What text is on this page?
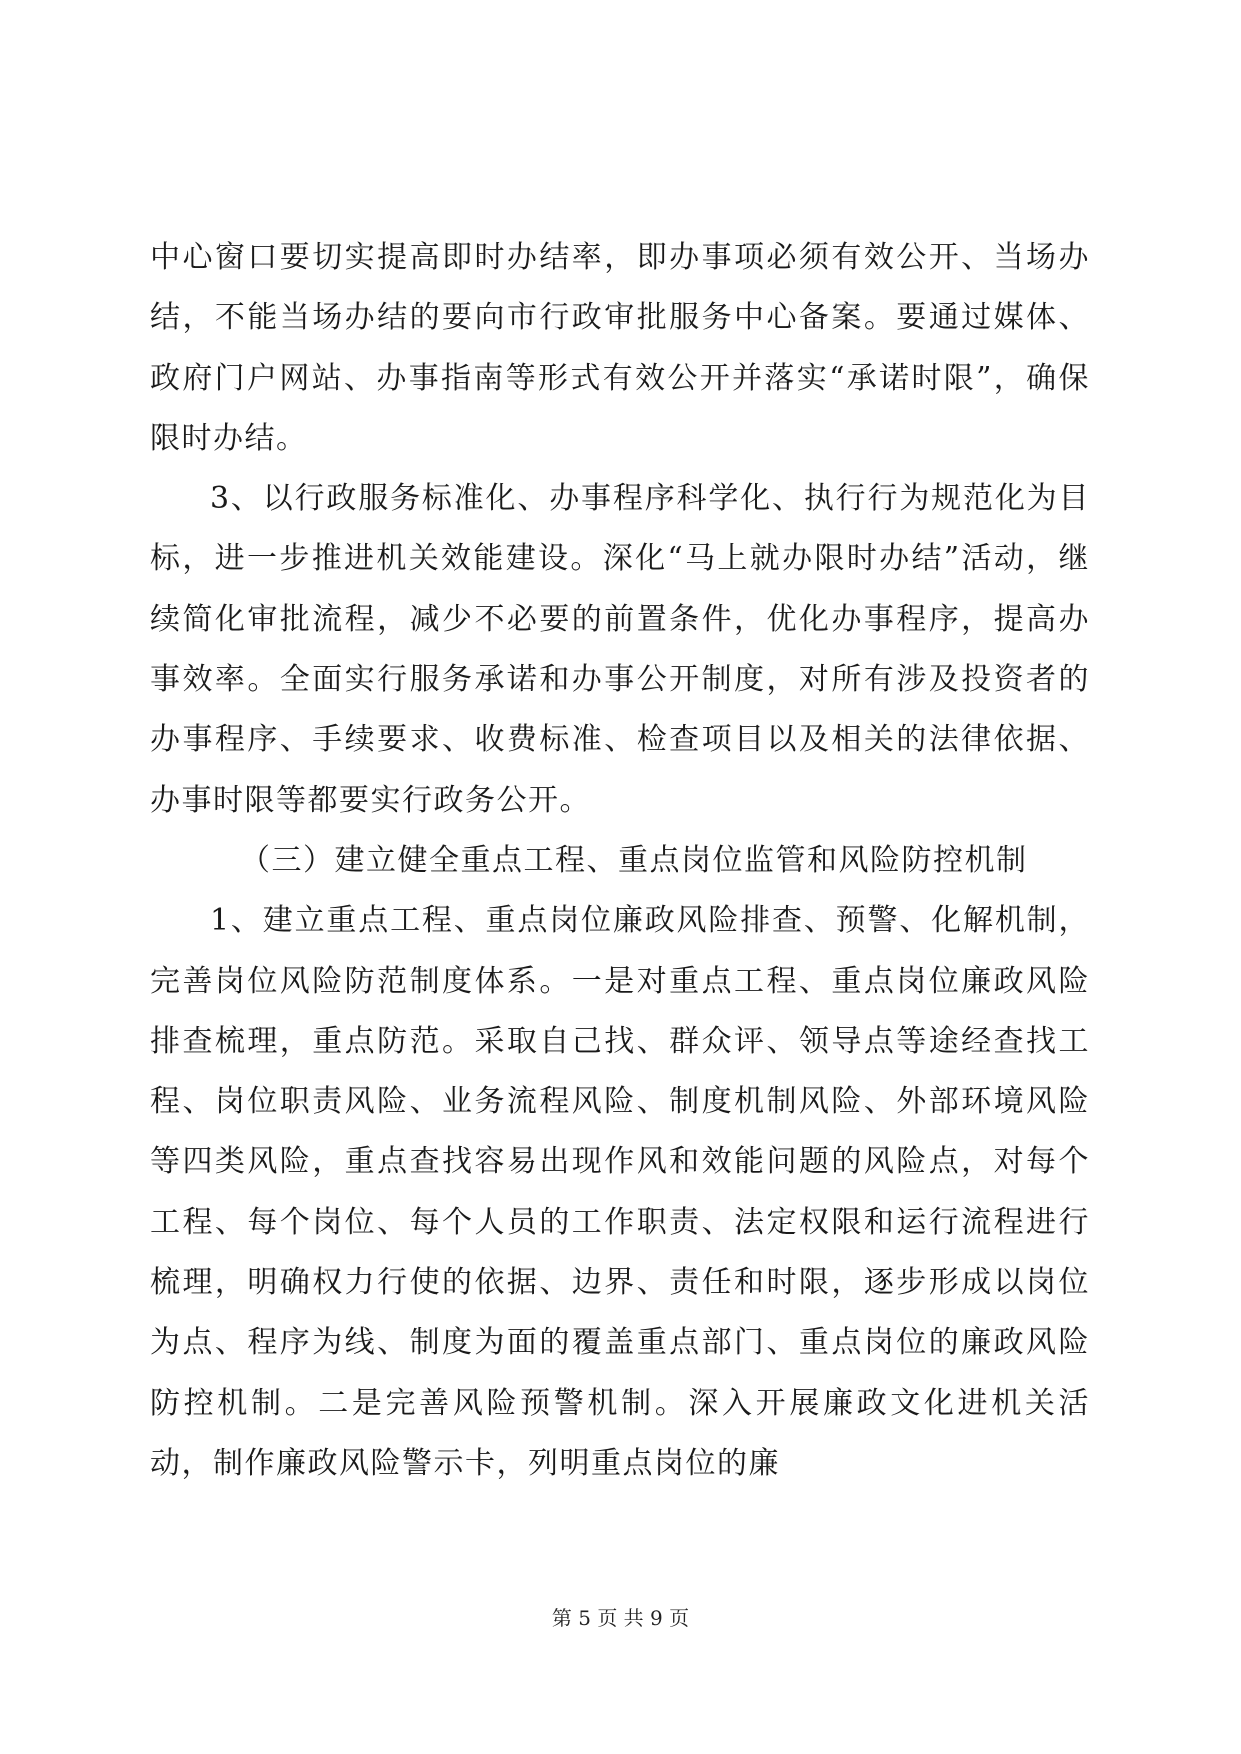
中心窗口要切实提高即时办结率，即办事项必须有效公开、当场办结，不能当场办结的要向市行政审批服务中心备案。要通过媒体、政府门户网站、办事指南等形式有效公开并落实“承诺时限”，确保限时办结。

3、以行政服务标准化、办事程序科学化、执行行为规范化为目标，进一步推进机关效能建设。深化“马上就办限时办结”活动，继续简化审批流程，减少不必要的前置条件，优化办事程序，提高办事效率。全面实行服务承诺和办事公开制度，对所有涉及投资者的办事程序、手续要求、收费标准、检查项目以及相关的法律依据、办事时限等都要实行政务公开。

（三）建立健全重点工程、重点岗位监管和风险防控机制

1、建立重点工程、重点岗位廉政风险排查、预警、化解机制，完善岗位风险防范制度体系。一是对重点工程、重点岗位廉政风险排查梳理，重点防范。采取自己找、群众评、领导点等途经查找工程、岗位职责风险、业务流程风险、制度机制风险、外部环境风险等四类风险，重点查找容易出现作风和效能问题的风险点，对每个工程、每个岗位、每个人员的工作职责、法定权限和运行流程进行梳理，明确权力行使的依据、边界、责任和时限，逐步形成以岗位为点、程序为线、制度为面的覆盖重点部门、重点岗位的廉政风险防控机制。二是完善风险预警机制。深入开展廉政文化进机关活动，制作廉政风险警示卡，列明重点岗位的廉

第 5 页 共 9 页
